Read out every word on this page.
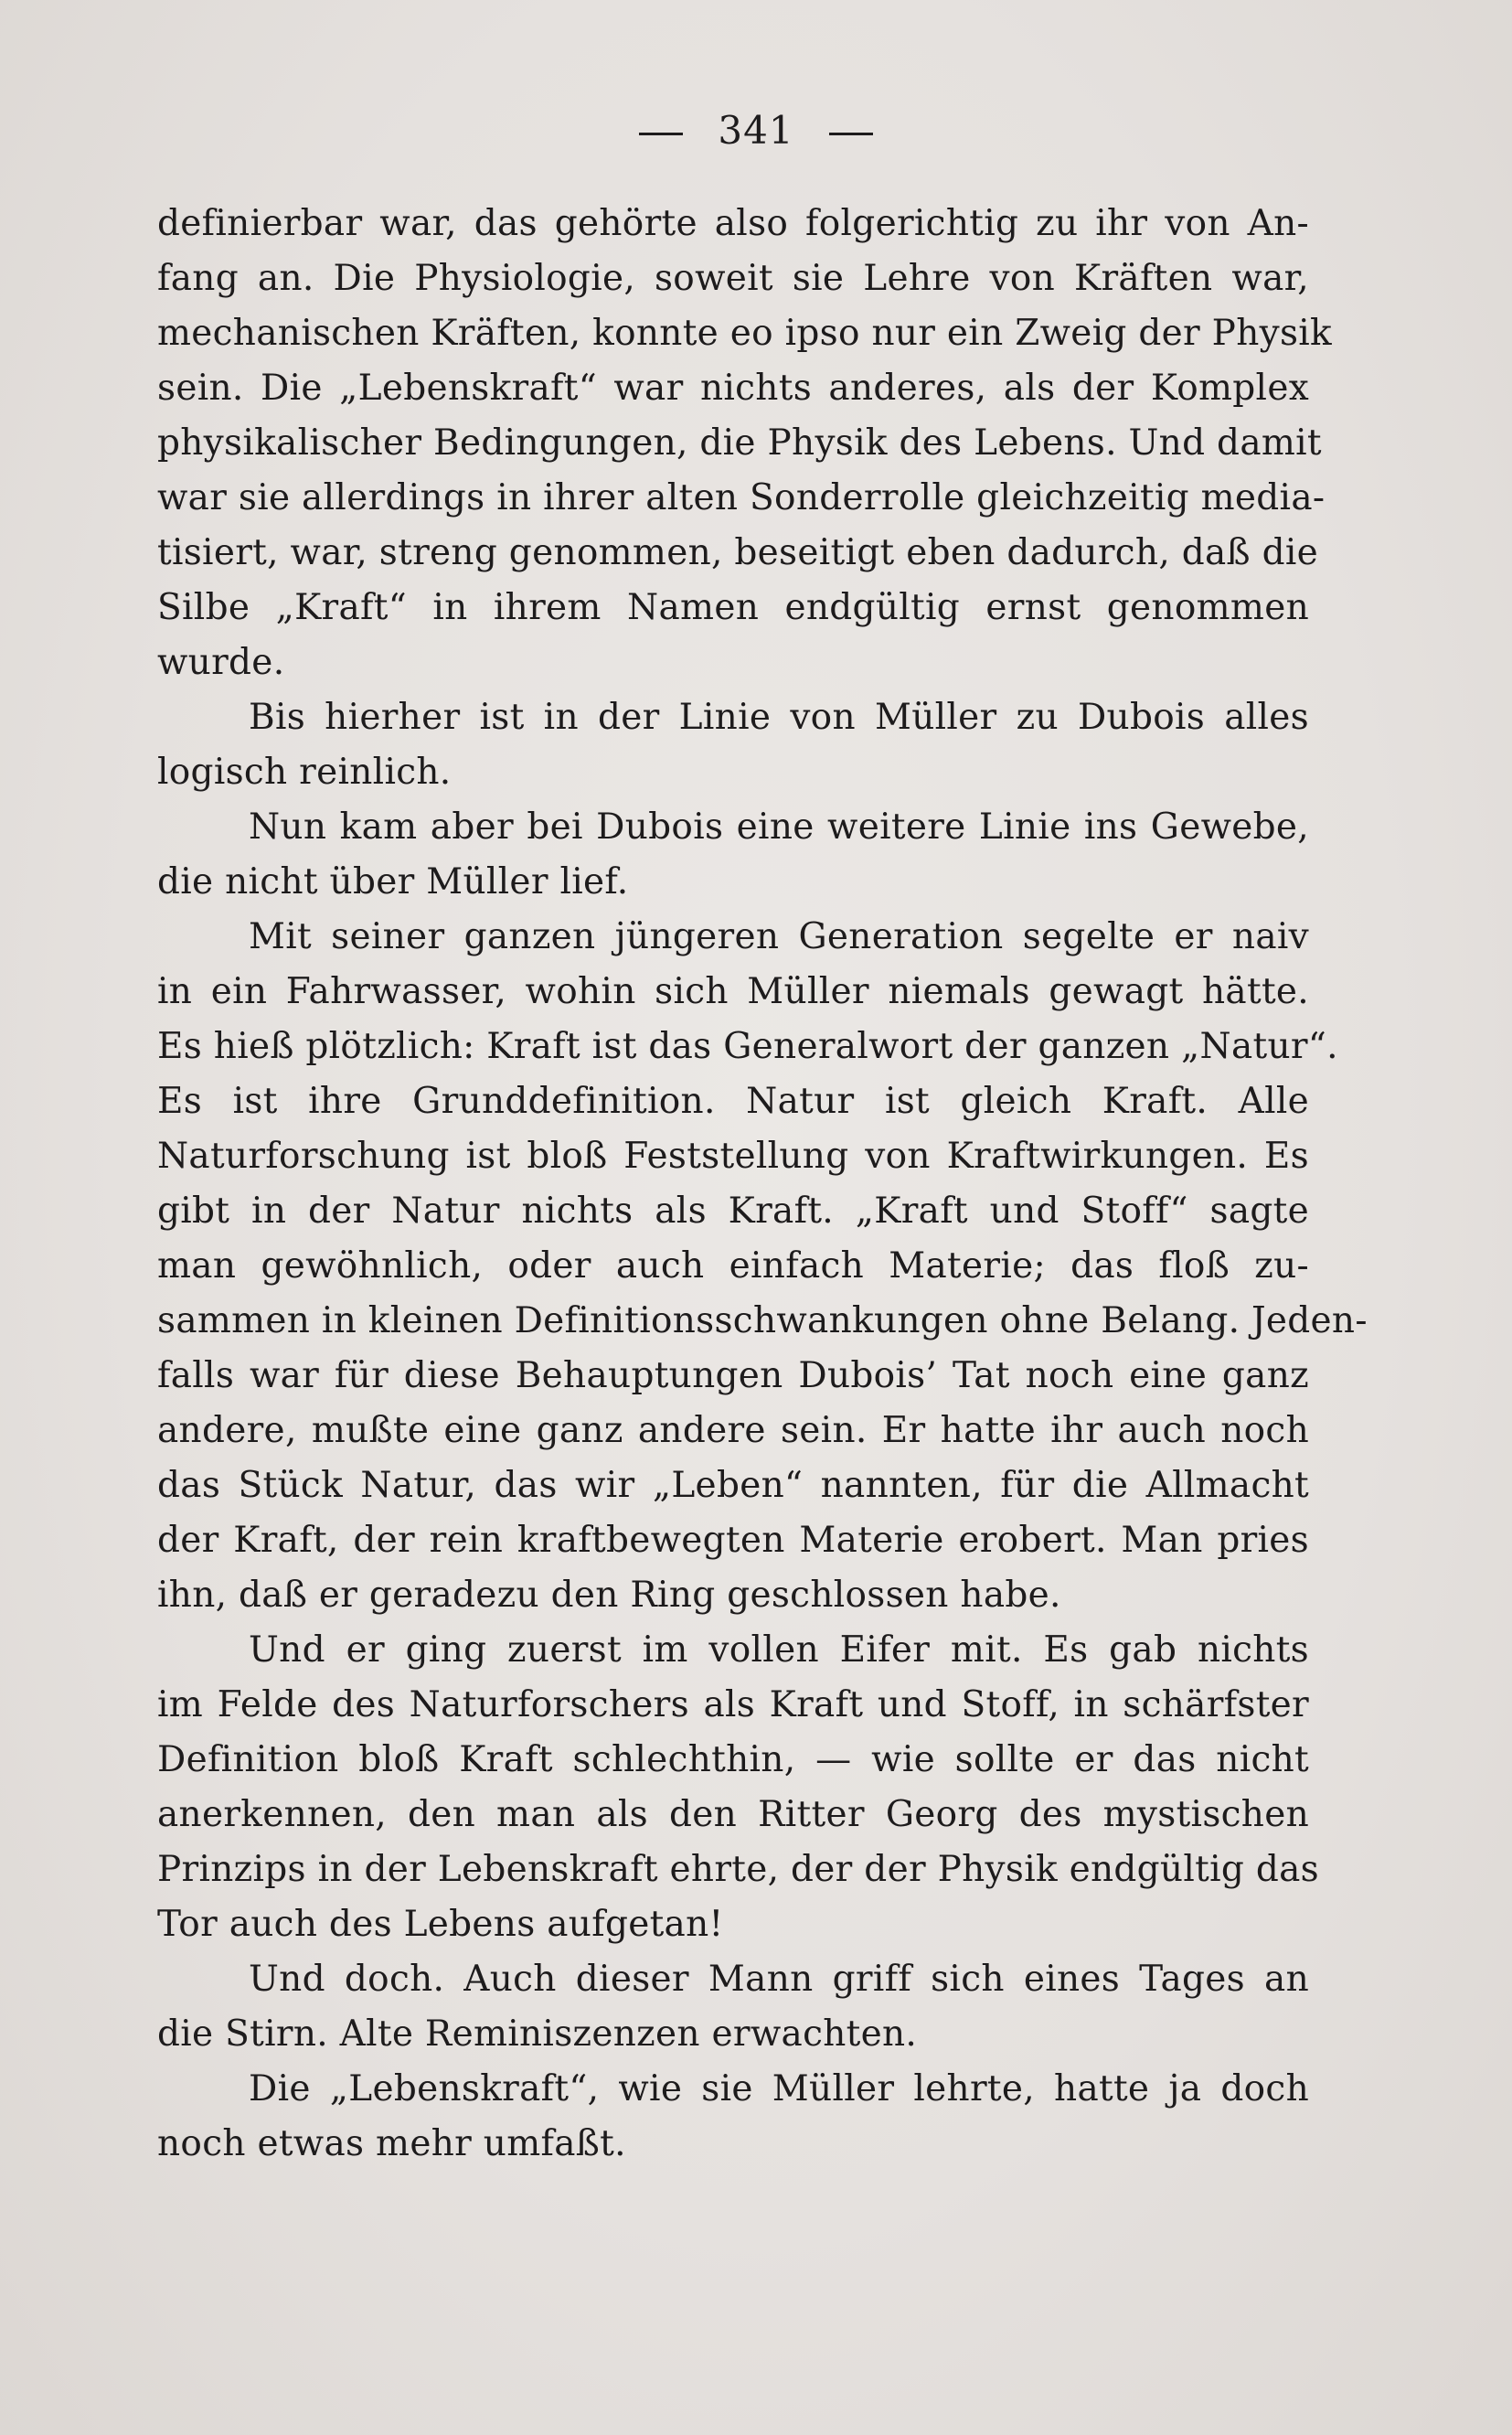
341
definierbar war, das gehörte also folgerichtig zu ihr von An-
fang an. Die Physiologie, soweit sie Lehre von Kräften war,
mechanischen Kräften, konnte eo ipso nur ein Zweig der Physik
sein. Die „Lebenskraft“ war nichts anderes, als der Komplex
physikalischer Bedingungen, die Physik des Lebens. Und damit
war sie allerdings in ihrer alten Sonderrolle gleichzeitig media-
tisiert, war, streng genommen, beseitigt eben dadurch, daß die
Silbe „Kraft“ in ihrem Namen endgültig ernst genommen
wurde.
Bis hierher ist in der Linie von Müller zu Dubois alles
logisch reinlich.
Nun kam aber bei Dubois eine weitere Linie ins Gewebe,
die nicht über Müller lief.
Mit seiner ganzen jüngeren Generation segelte er naiv
in ein Fahrwasser, wohin sich Müller niemals gewagt hätte.
Es hieß plötzlich: Kraft ist das Generalwort der ganzen „Natur“.
Es ist ihre Grunddefinition. Natur ist gleich Kraft. Alle
Naturforschung ist bloß Feststellung von Kraftwirkungen. Es
gibt in der Natur nichts als Kraft. „Kraft und Stoff“ sagte
man gewöhnlich, oder auch einfach Materie; das floß zu-
sammen in kleinen Definitionsschwankungen ohne Belang. Jeden-
falls war für diese Behauptungen Dubois’ Tat noch eine ganz
andere, mußte eine ganz andere sein. Er hatte ihr auch noch
das Stück Natur, das wir „Leben“ nannten, für die Allmacht
der Kraft, der rein kraftbewegten Materie erobert. Man pries
ihn, daß er geradezu den Ring geschlossen habe.
Und er ging zuerst im vollen Eifer mit. Es gab nichts
im Felde des Naturforschers als Kraft und Stoff, in schärfster
Definition bloß Kraft schlechthin, — wie sollte er das nicht
anerkennen, den man als den Ritter Georg des mystischen
Prinzips in der Lebenskraft ehrte, der der Physik endgültig das
Tor auch des Lebens aufgetan!
Und doch. Auch dieser Mann griff sich eines Tages an
die Stirn. Alte Reminiszenzen erwachten.
Die „Lebenskraft“, wie sie Müller lehrte, hatte ja doch
noch etwas mehr umfaßt.
